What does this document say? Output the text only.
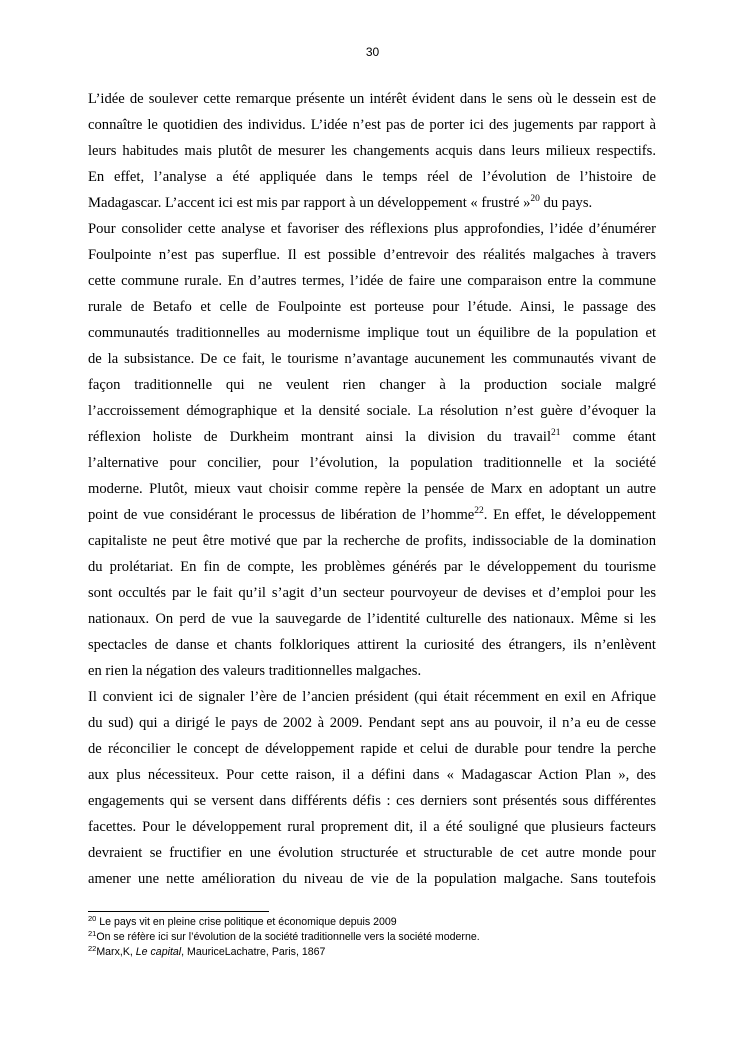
30
L’idée de soulever cette remarque présente un intérêt évident dans le sens où le dessein est de
connaître le quotidien des individus. L’idée n’est pas de porter ici des jugements par rapport à
leurs habitudes mais plutôt de mesurer les changements acquis dans leurs milieux respectifs.
En effet, l’analyse a été appliquée dans le temps réel de l’évolution de l’histoire de
Madagascar. L’accent ici est mis par rapport à un développement « frustré »$^{20}$ du pays.
Pour consolider cette analyse et favoriser des réflexions plus approfondies, l’idée d’énumérer
Foulpointe n’est pas superflue. Il est possible d’entrevoir des réalités malgaches à travers
cette commune rurale. En d’autres termes, l’idée de faire une comparaison entre la commune
rurale de Betafo et celle de Foulpointe est porteuse pour l’étude. Ainsi, le passage des
communautés traditionnelles au modernisme implique tout un équilibre de la population et
de la subsistance. De ce fait, le tourisme n’avantage aucunement les communautés vivant de
façon traditionnelle qui ne veulent rien changer à la production sociale malgré
l’accroissement démographique et la densité sociale. La résolution n’est guère d’évoquer la
réflexion holiste de Durkheim montrant ainsi la division du travail$^{21}$ comme étant
l’alternative pour concilier, pour l’évolution, la population traditionnelle et la société
moderne. Plutôt, mieux vaut choisir comme repère la pensée de Marx en adoptant un autre
point de vue considérant le processus de libération de l’homme$^{22}$. En effet, le développement
capitaliste ne peut être motivé que par la recherche de profits, indissociable de la domination
du prolétariat. En fin de compte, les problèmes générés par le développement du tourisme
sont occultés par le fait qu’il s’agit d’un secteur pourvoyeur de devises et d’emploi pour les
nationaux. On perd de vue la sauvegarde de l’identité culturelle des nationaux. Même si les
spectacles de danse et chants folkloriques attirent la curiosité des étrangers, ils n’enlèvent
en rien la négation des valeurs traditionnelles malgaches.
Il convient ici de signaler l’ère de l’ancien président (qui était récemment en exil en Afrique
du sud) qui a dirigé le pays de 2002 à 2009. Pendant sept ans au pouvoir, il n’a eu de cesse
de réconcilier le concept de développement rapide et celui de durable pour tendre la perche
aux plus nécessiteux. Pour cette raison, il a défini dans « Madagascar Action Plan », des
engagements qui se versent dans différents défis : ces derniers sont présentés sous différentes
facettes. Pour le développement rural proprement dit, il a été souligné que plusieurs facteurs
devraient se fructifier en une évolution structurée et structurable de cet autre monde pour
amener une nette amélioration du niveau de vie de la population malgache. Sans toutefois
$^{20}$ Le pays vit en pleine crise politique et économique depuis 2009
$^{21}$On se réfère ici sur l’évolution de la société traditionnelle vers la société moderne.
$^{22}$Marx,K, Le capital, MauriceLachatre, Paris, 1867
